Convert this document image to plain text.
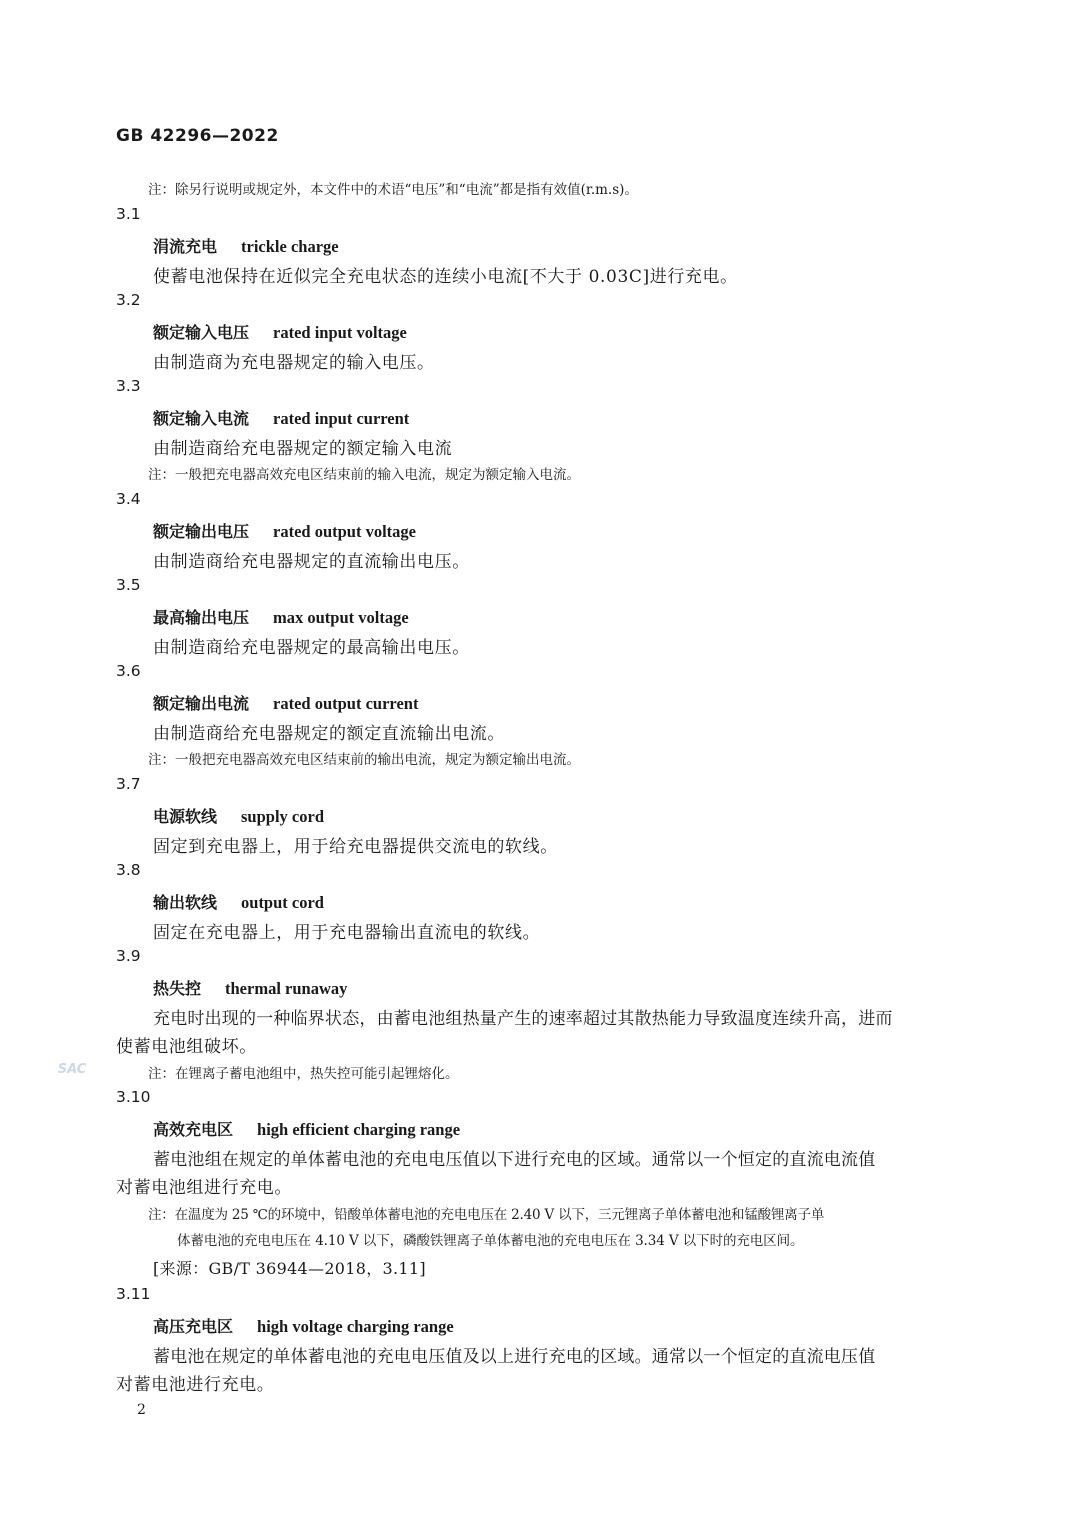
GB 42296—2022
注：除另行说明或规定外，本文件中的术语“电压”和“电流”都是指有效值(r.m.s)。
3.1
涓流充电 trickle charge
使蓄电池保持在近似完全充电状态的连续小电流[不大于 0.03C]进行充电。
3.2
额定输入电压 rated input voltage
由制造商为充电器规定的输入电压。
3.3
额定输入电流 rated input current
由制造商给充电器规定的额定输入电流
注：一般把充电器高效充电区结束前的输入电流，规定为额定输入电流。
3.4
额定输出电压 rated output voltage
由制造商给充电器规定的直流输出电压。
3.5
最高输出电压 max output voltage
由制造商给充电器规定的最高输出电压。
3.6
额定输出电流 rated output current
由制造商给充电器规定的额定直流输出电流。
注：一般把充电器高效充电区结束前的输出电流，规定为额定输出电流。
3.7
电源软线 supply cord
固定到充电器上，用于给充电器提供交流电的软线。
3.8
输出软线 output cord
固定在充电器上，用于充电器输出直流电的软线。
3.9
热失控 thermal runaway
充电时出现的一种临界状态，由蓄电池组热量产生的速率超过其散热能力导致温度连续升高，进而
使蓄电池组破坏。
注：在锂离子蓄电池组中，热失控可能引起锂熔化。
3.10
高效充电区 high efficient charging range
蓄电池组在规定的单体蓄电池的充电电压值以下进行充电的区域。通常以一个恒定的直流电流值
对蓄电池组进行充电。
注：在温度为 25 ℃的环境中，铅酸单体蓄电池的充电电压在 2.40 V 以下，三元锂离子单体蓄电池和锰酸锂离子单
体蓄电池的充电电压在 4.10 V 以下，磷酸铁锂离子单体蓄电池的充电电压在 3.34 V 以下时的充电区间。
[来源：GB/T 36944—2018，3.11]
3.11
高压充电区 high voltage charging range
蓄电池在规定的单体蓄电池的充电电压值及以上进行充电的区域。通常以一个恒定的直流电压值
对蓄电池进行充电。
SAC
2
